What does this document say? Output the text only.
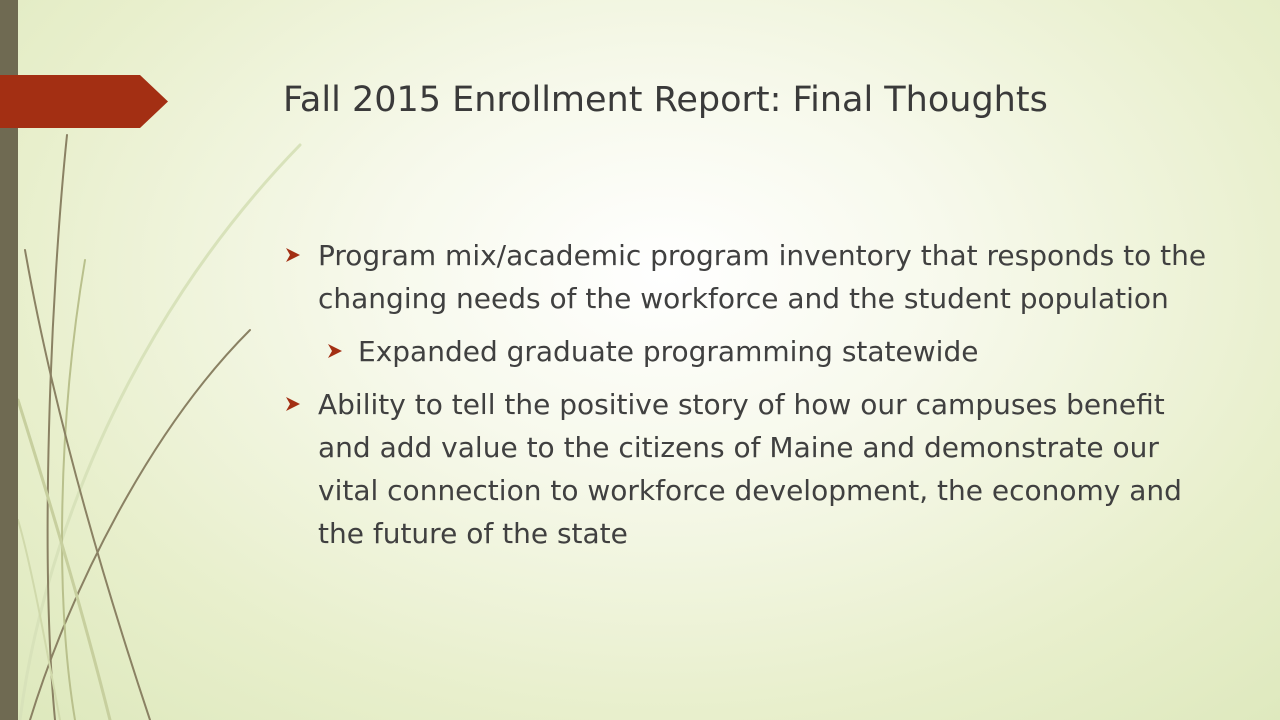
Fall 2015 Enrollment Report: Final Thoughts
Program mix/academic program inventory that responds to the changing needs of the workforce and the student population
Expanded graduate programming statewide
Ability to tell the positive story of how our campuses benefit and add value to the citizens of Maine and demonstrate our vital connection to workforce development, the economy and the future of the state
